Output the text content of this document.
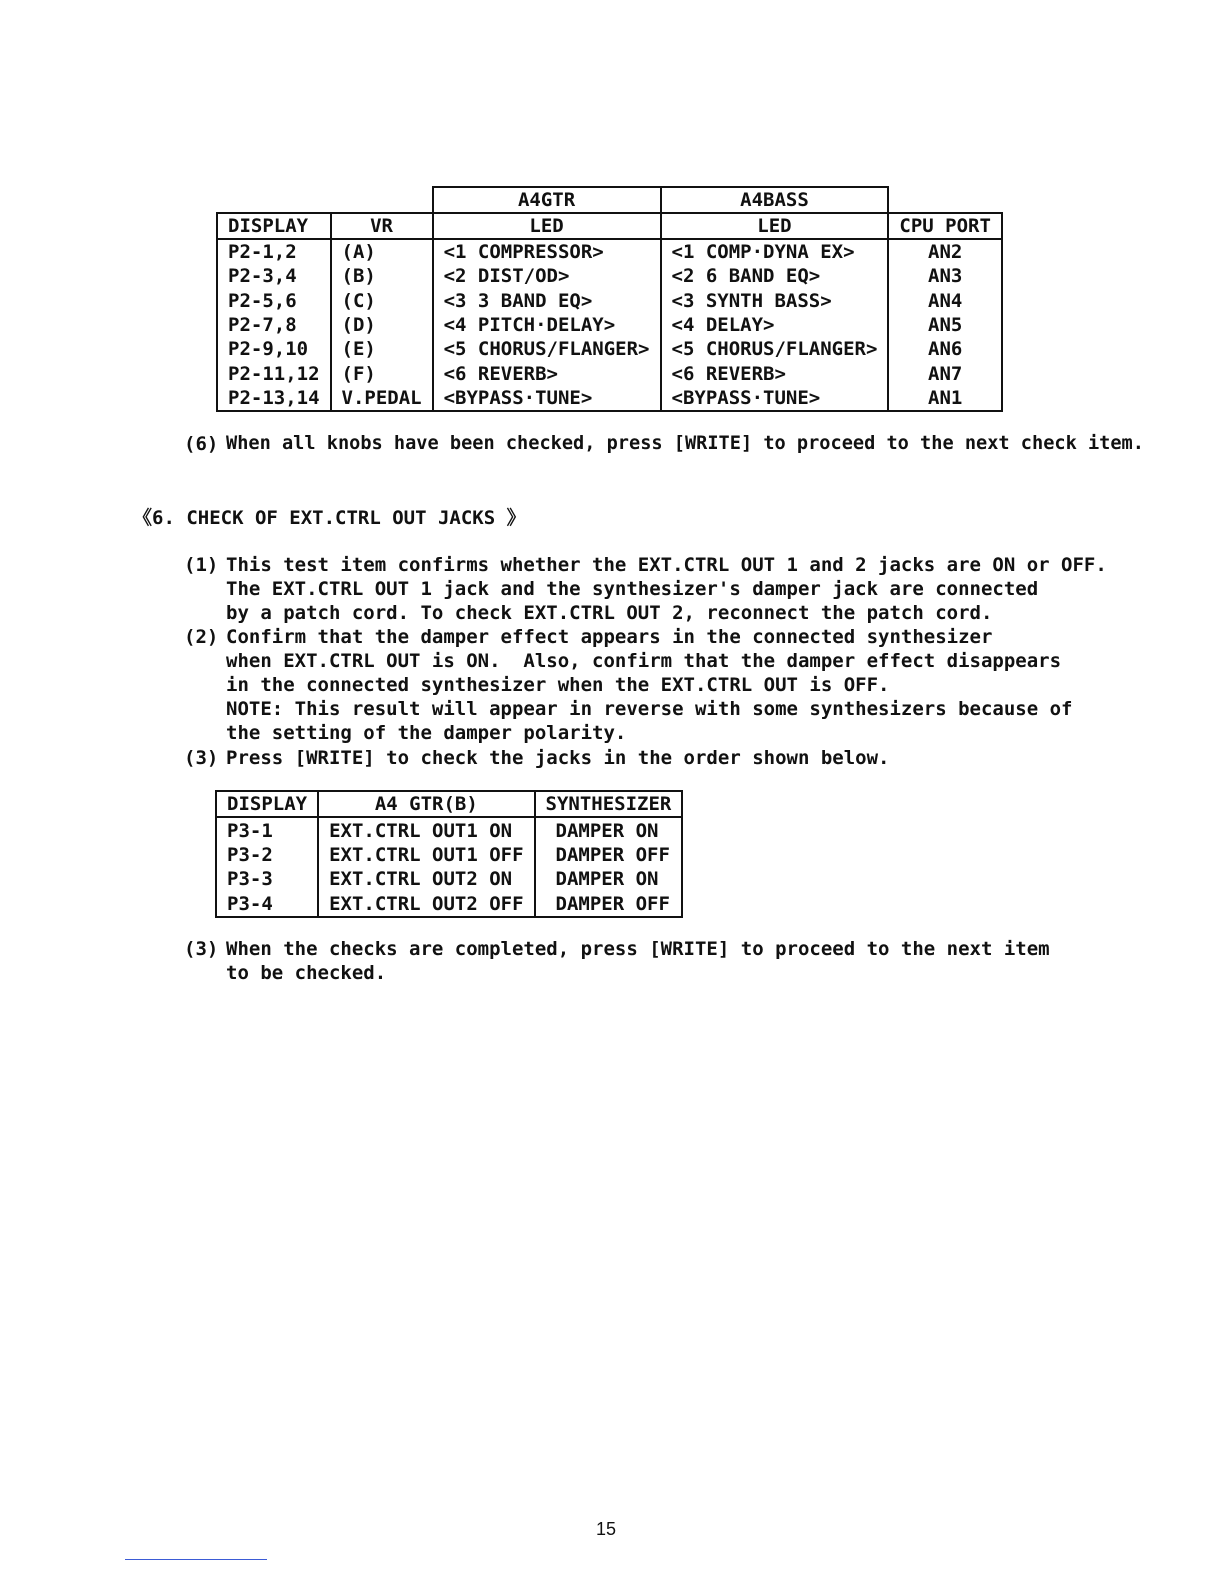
		A4GTR	A4BASS	
DISPLAY	VR	LED	LED	CPU PORT
P2-1,2	(A)	<1 COMPRESSOR>	<1 COMP·DYNA EX>	AN2
P2-3,4	(B)	<2 DIST/OD>	<2 6 BAND EQ>	AN3
P2-5,6	(C)	<3 3 BAND EQ>	<3 SYNTH BASS>	AN4
P2-7,8	(D)	<4 PITCH·DELAY>	<4 DELAY>	AN5
P2-9,10	(E)	<5 CHORUS/FLANGER>	<5 CHORUS/FLANGER>	AN6
P2-11,12	(F)	<6 REVERB>	<6 REVERB>	AN7
P2-13,14	V.PEDAL	<BYPASS·TUNE>	<BYPASS·TUNE>	AN1
(6) When all knobs have been checked, press [WRITE] to proceed to the next check item.

《6. CHECK OF EXT.CTRL OUT JACKS 》

(1) This test item confirms whether the EXT.CTRL OUT 1 and 2 jacks are ON or OFF.

The EXT.CTRL OUT 1 jack and the synthesizer's damper jack are connected

by a patch cord. To check EXT.CTRL OUT 2, reconnect the patch cord.

(2) Confirm that the damper effect appears in the connected synthesizer

when EXT.CTRL OUT is ON.  Also, confirm that the damper effect disappears

in the connected synthesizer when the EXT.CTRL OUT is OFF.

NOTE: This result will appear in reverse with some synthesizers because of

the setting of the damper polarity.

(3) Press [WRITE] to check the jacks in the order shown below.

DISPLAY	A4 GTR(B)	SYNTHESIZER
P3-1	EXT.CTRL OUT1 ON	DAMPER ON
P3-2	EXT.CTRL OUT1 OFF	DAMPER OFF
P3-3	EXT.CTRL OUT2 ON	DAMPER ON
P3-4	EXT.CTRL OUT2 OFF	DAMPER OFF
(3) When the checks are completed, press [WRITE] to proceed to the next item

to be checked.

15
